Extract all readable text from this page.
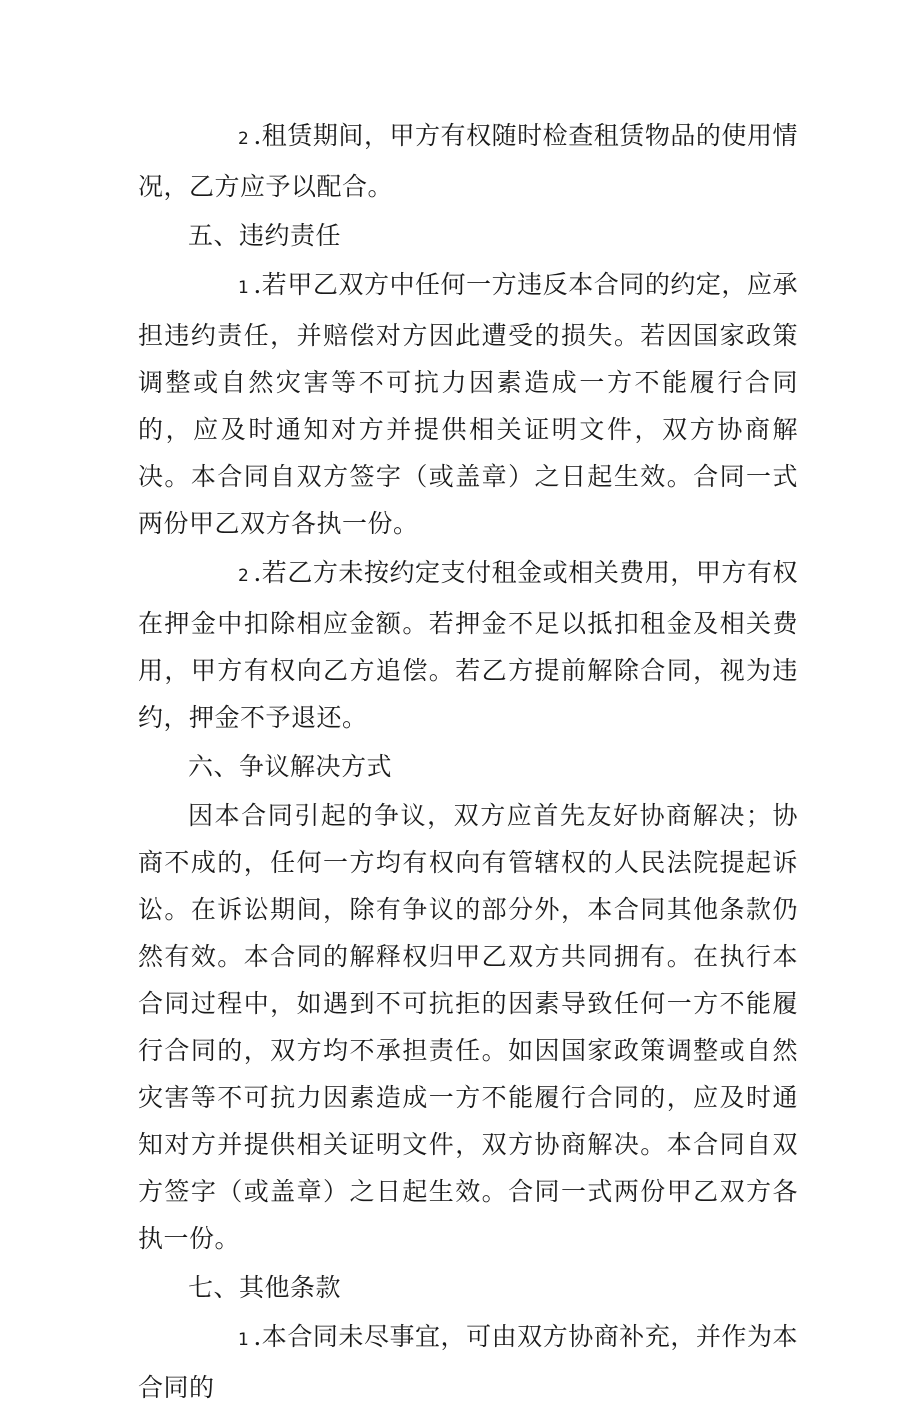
2 .租赁期间，甲方有权随时检查租赁物品的使用情况，乙方应予以配合。

五、违约责任

1 .若甲乙双方中任何一方违反本合同的约定，应承担违约责任，并赔偿对方因此遭受的损失。若因国家政策调整或自然灾害等不可抗力因素造成一方不能履行合同的，应及时通知对方并提供相关证明文件，双方协商解决。本合同自双方签字（或盖章）之日起生效。合同一式两份甲乙双方各执一份。

2 .若乙方未按约定支付租金或相关费用，甲方有权在押金中扣除相应金额。若押金不足以抵扣租金及相关费用，甲方有权向乙方追偿。若乙方提前解除合同，视为违约，押金不予退还。

六、争议解决方式

因本合同引起的争议，双方应首先友好协商解决；协商不成的，任何一方均有权向有管辖权的人民法院提起诉讼。在诉讼期间，除有争议的部分外，本合同其他条款仍然有效。本合同的解释权归甲乙双方共同拥有。在执行本合同过程中，如遇到不可抗拒的因素导致任何一方不能履行合同的，双方均不承担责任。如因国家政策调整或自然灾害等不可抗力因素造成一方不能履行合同的，应及时通知对方并提供相关证明文件，双方协商解决。本合同自双方签字（或盖章）之日起生效。合同一式两份甲乙双方各执一份。

七、其他条款

1 .本合同未尽事宜，可由双方协商补充，并作为本合同的
